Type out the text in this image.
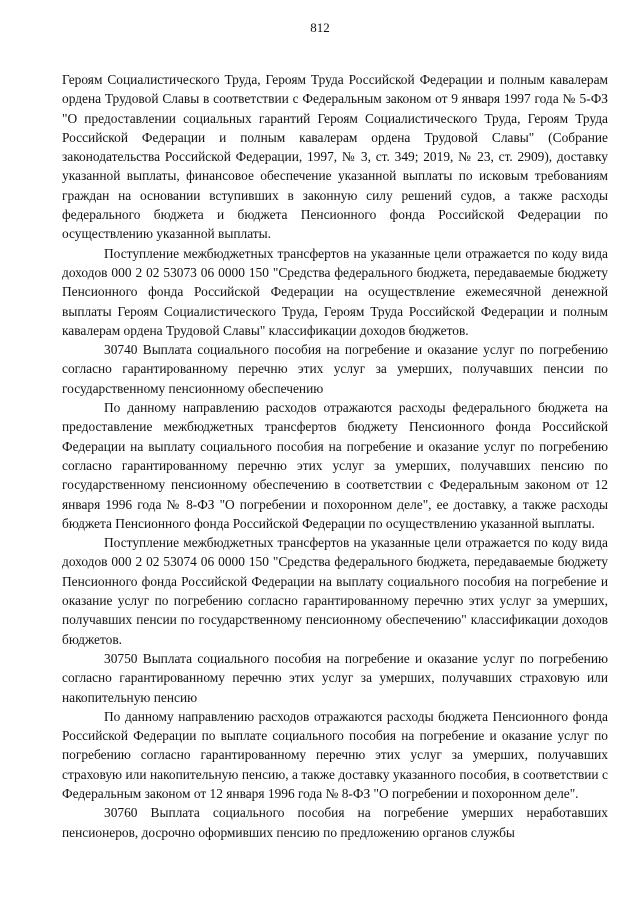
812

Героям Социалистического Труда, Героям Труда Российской Федерации и полным кавалерам ордена Трудовой Славы в соответствии с Федеральным законом от 9 января 1997 года № 5-ФЗ "О предоставлении социальных гарантий Героям Социалистического Труда, Героям Труда Российской Федерации и полным кавалерам ордена Трудовой Славы" (Собрание законодательства Российской Федерации, 1997, № 3, ст. 349; 2019, № 23, ст. 2909), доставку указанной выплаты, финансовое обеспечение указанной выплаты по исковым требованиям граждан на основании вступивших в законную силу решений судов, а также расходы федерального бюджета и бюджета Пенсионного фонда Российской Федерации по осуществлению указанной выплаты.

Поступление межбюджетных трансфертов на указанные цели отражается по коду вида доходов 000 2 02 53073 06 0000 150 "Средства федерального бюджета, передаваемые бюджету Пенсионного фонда Российской Федерации на осуществление ежемесячной денежной выплаты Героям Социалистического Труда, Героям Труда Российской Федерации и полным кавалерам ордена Трудовой Славы" классификации доходов бюджетов.

30740 Выплата социального пособия на погребение и оказание услуг по погребению согласно гарантированному перечню этих услуг за умерших, получавших пенсии по государственному пенсионному обеспечению

По данному направлению расходов отражаются расходы федерального бюджета на предоставление межбюджетных трансфертов бюджету Пенсионного фонда Российской Федерации на выплату социального пособия на погребение и оказание услуг по погребению согласно гарантированному перечню этих услуг за умерших, получавших пенсию по государственному пенсионному обеспечению в соответствии с Федеральным законом от 12 января 1996 года № 8-ФЗ "О погребении и похоронном деле", ее доставку, а также расходы бюджета Пенсионного фонда Российской Федерации по осуществлению указанной выплаты.

Поступление межбюджетных трансфертов на указанные цели отражается по коду вида доходов 000 2 02 53074 06 0000 150 "Средства федерального бюджета, передаваемые бюджету Пенсионного фонда Российской Федерации на выплату социального пособия на погребение и оказание услуг по погребению согласно гарантированному перечню этих услуг за умерших, получавших пенсии по государственному пенсионному обеспечению" классификации доходов бюджетов.

30750 Выплата социального пособия на погребение и оказание услуг по погребению согласно гарантированному перечню этих услуг за умерших, получавших страховую или накопительную пенсию

По данному направлению расходов отражаются расходы бюджета Пенсионного фонда Российской Федерации по выплате социального пособия на погребение и оказание услуг по погребению согласно гарантированному перечню этих услуг за умерших, получавших страховую или накопительную пенсию, а также доставку указанного пособия, в соответствии с Федеральным законом от 12 января 1996 года № 8-ФЗ "О погребении и похоронном деле".

30760 Выплата социального пособия на погребение умерших неработавших пенсионеров, досрочно оформивших пенсию по предложению органов службы
